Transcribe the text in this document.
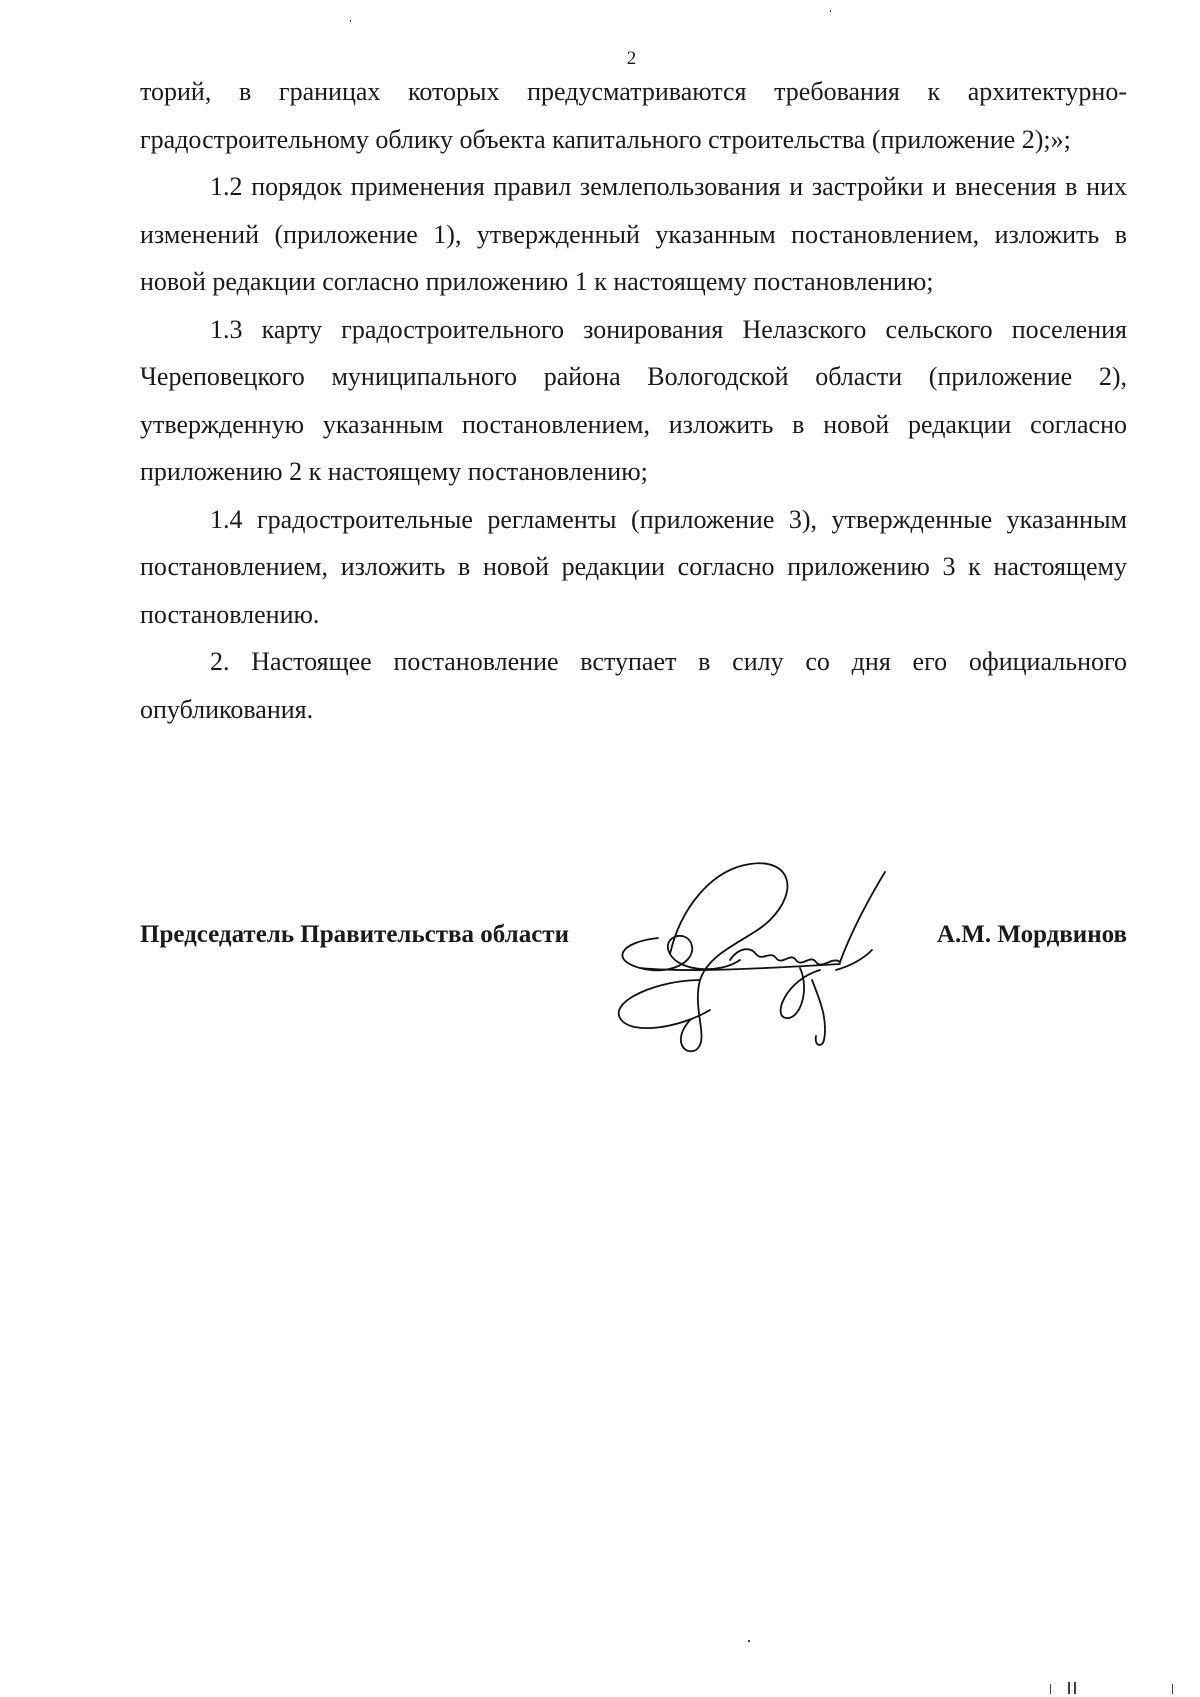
2

торий, в границах которых предусматриваются требования к архитектурно-градостроительному облику объекта капитального строительства (приложение 2);»;

1.2 порядок применения правил землепользования и застройки и внесения в них изменений (приложение 1), утвержденный указанным постановлением, изложить в новой редакции согласно приложению 1 к настоящему постановлению;

1.3 карту градостроительного зонирования Нелазского сельского поселения Череповецкого муниципального района Вологодской области (приложение 2), утвержденную указанным постановлением, изложить в новой редакции согласно приложению 2 к настоящему постановлению;

1.4 градостроительные регламенты (приложение 3), утвержденные указанным постановлением, изложить в новой редакции согласно приложению 3 к настоящему постановлению.

2. Настоящее постановление вступает в силу со дня его официального опубликования.

Председатель Правительства области	А.М. Мордвинов
